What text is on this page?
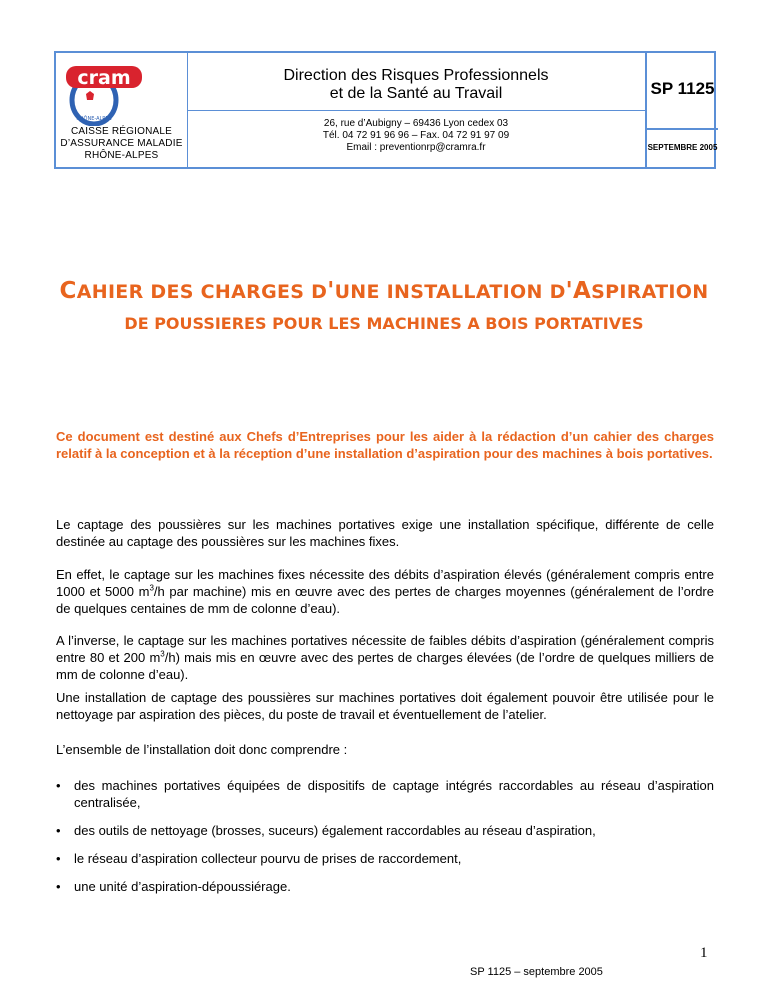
cram
RHÔNE-ALPES
CAISSE RÉGIONALE
D’ASSURANCE MALADIE
RHÔNE-ALPES
Direction des Risques Professionnels
et de la Santé au Travail
26, rue d’Aubigny – 69436 Lyon cedex 03
Tél. 04 72 91 96 96 – Fax. 04 72 91 97 09
Email : preventionrp@cramra.fr
SP 1125
SEPTEMBRE 2005
CAHIER DES CHARGES D'UNE INSTALLATION D'ASPIRATION
DE POUSSIERES POUR LES MACHINES A BOIS PORTATIVES
Ce document est destiné aux Chefs d’Entreprises pour les aider à la rédaction d’un cahier des charges relatif à la conception et à la réception d’une installation d’aspiration pour des machines à bois portatives.
Le captage des poussières sur les machines portatives exige une installation spécifique, différente de celle destinée au captage des poussières sur les machines fixes.
En effet, le captage sur les machines fixes nécessite des débits d’aspiration élevés (généralement compris entre 1000 et 5000 $m^3/h$ par machine) mis en œuvre avec des pertes de charges moyennes (généralement de l’ordre de quelques centaines de mm de colonne d’eau).
A l’inverse, le captage sur les machines portatives nécessite de faibles débits d’aspiration (généralement compris entre 80 et 200 $m^3/h$) mais mis en œuvre avec des pertes de charges élevées (de l’ordre de quelques milliers de mm de colonne d’eau).
Une installation de captage des poussières sur machines portatives doit également pouvoir être utilisée pour le nettoyage par aspiration des pièces, du poste de travail et éventuellement de l’atelier.
L’ensemble de l’installation doit donc comprendre :
• des machines portatives équipées de dispositifs de captage intégrés raccordables au réseau d’aspiration centralisée,
• des outils de nettoyage (brosses, suceurs) également raccordables au réseau d’aspiration,
• le réseau d’aspiration collecteur pourvu de prises de raccordement,
• une unité d’aspiration-dépoussiérage.
1
SP 1125 – septembre 2005
